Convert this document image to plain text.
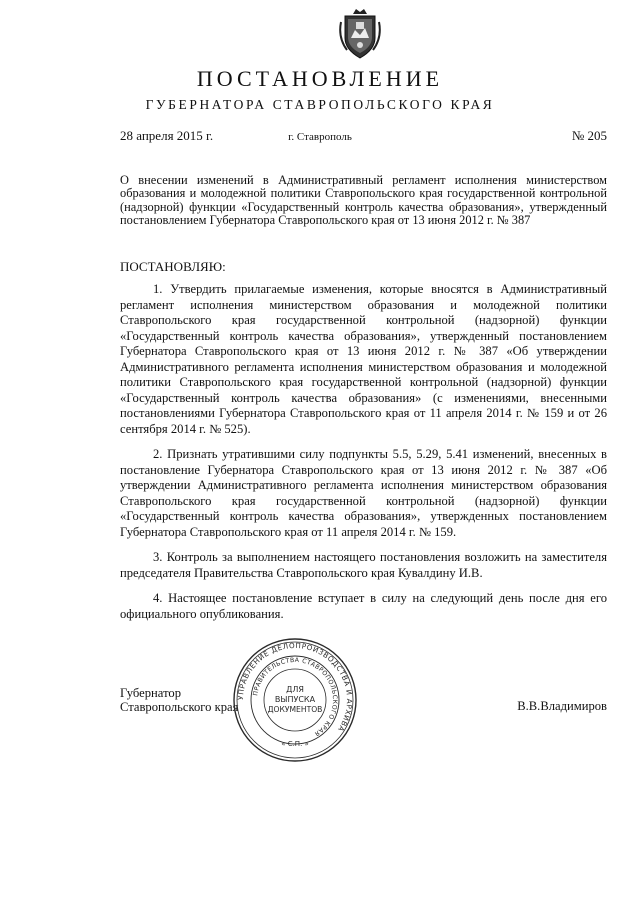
ПОСТАНОВЛЕНИЕ
ГУБЕРНАТОРА СТАВРОПОЛЬСКОГО КРАЯ
28 апреля 2015 г.	г. Ставрополь	№ 205
О внесении изменений в Административный регламент исполнения министерством образования и молодежной политики Ставропольского края государственной контрольной (надзорной) функции «Государственный контроль качества образования», утвержденный постановлением Губернатора Ставропольского края от 13 июня 2012 г. № 387
ПОСТАНОВЛЯЮ:

1. Утвердить прилагаемые изменения, которые вносятся в Административный регламент исполнения министерством образования и молодежной политики Ставропольского края государственной контрольной (надзорной) функции «Государственный контроль качества образования», утвержденный постановлением Губернатора Ставропольского края от 13 июня 2012 г. № 387 «Об утверждении Административного регламента исполнения министерством образования и молодежной политики Ставропольского края государственной контрольной (надзорной) функции «Государственный контроль качества образования» (с изменениями, внесенными постановлениями Губернатора Ставропольского края от 11 апреля 2014 г. № 159 и от 26 сентября 2014 г. № 525).

2. Признать утратившими силу подпункты 5.5, 5.29, 5.41 изменений, внесенных в постановление Губернатора Ставропольского края от 13 июня 2012 г. № 387 «Об утверждении Административного регламента исполнения министерством образования Ставропольского края государственной контрольной (надзорной) функции «Государственный контроль качества образования», утвержденных постановлением Губернатора Ставропольского края от 11 апреля 2014 г. № 159.

3. Контроль за выполнением настоящего постановления возложить на заместителя председателя Правительства Ставропольского края Кувалдину И.В.

4. Настоящее постановление вступает в силу на следующий день после дня его официального опубликования.

Губернатор
Ставропольского края	В.В.Владимиров
УПРАВЛЕНИЕ ДЕЛОПРОИЗВОДСТВА И АРХИВА
ПРАВИТЕЛЬСТВА СТАВРОПОЛЬСКОГО КРАЯ
ДЛЯ
ВЫПУСКА
ДОКУМЕНТОВ
« С.П. »
